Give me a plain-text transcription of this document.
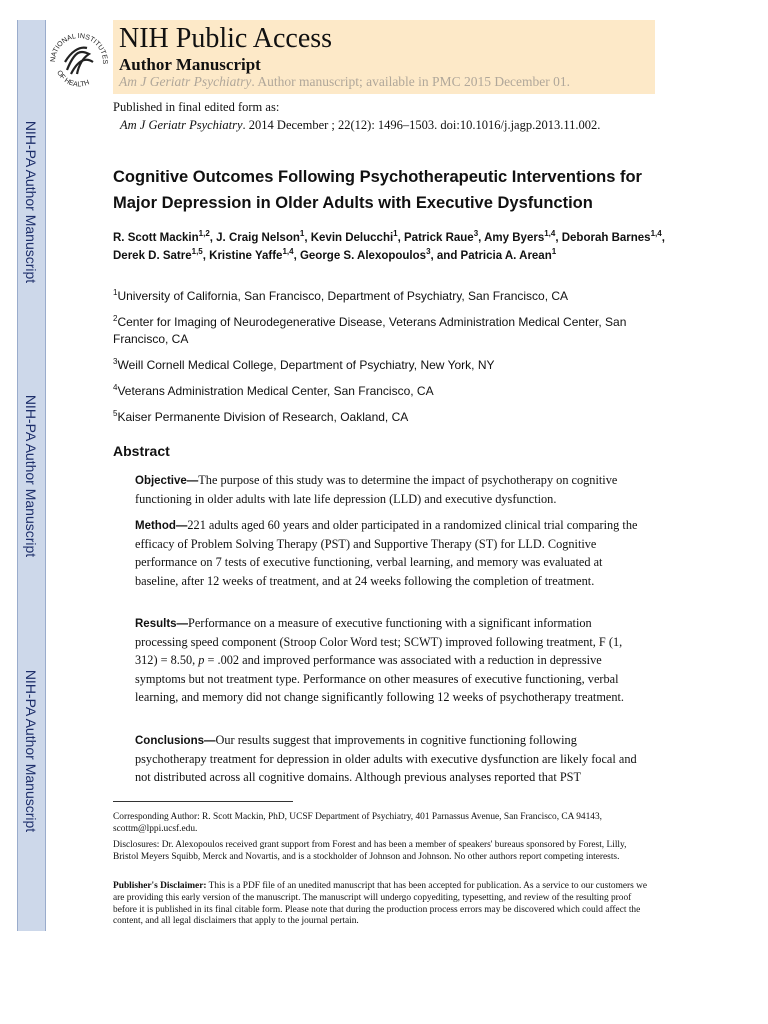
NIH-PA Author Manuscript
NIH-PA Author Manuscript
NIH-PA Author Manuscript
NATIONAL INSTITUTES
OF HEALTH
NIH Public Access
Author Manuscript
Am J Geriatr Psychiatry. Author manuscript; available in PMC 2015 December 01.
Published in final edited form as:
Am J Geriatr Psychiatry. 2014 December ; 22(12): 1496–1503. doi:10.1016/j.jagp.2013.11.002.
Cognitive Outcomes Following Psychotherapeutic Interventions for Major Depression in Older Adults with Executive Dysfunction
R. Scott Mackin$^{1,2}$, J. Craig Nelson$^1$, Kevin Delucchi$^1$, Patrick Raue$^3$, Amy Byers$^{1,4}$, Deborah Barnes$^{1,4}$, Derek D. Satre$^{1,5}$, Kristine Yaffe$^{1,4}$, George S. Alexopoulos$^3$, and Patricia A. Arean$^1$
$^1$University of California, San Francisco, Department of Psychiatry, San Francisco, CA
$^2$Center for Imaging of Neurodegenerative Disease, Veterans Administration Medical Center, San Francisco, CA
$^3$Weill Cornell Medical College, Department of Psychiatry, New York, NY
$^4$Veterans Administration Medical Center, San Francisco, CA
$^5$Kaiser Permanente Division of Research, Oakland, CA
Abstract
Objective—The purpose of this study was to determine the impact of psychotherapy on cognitive functioning in older adults with late life depression (LLD) and executive dysfunction.
Method—221 adults aged 60 years and older participated in a randomized clinical trial comparing the efficacy of Problem Solving Therapy (PST) and Supportive Therapy (ST) for LLD. Cognitive performance on 7 tests of executive functioning, verbal learning, and memory was evaluated at baseline, after 12 weeks of treatment, and at 24 weeks following the completion of treatment.
Results—Performance on a measure of executive functioning with a significant information processing speed component (Stroop Color Word test; SCWT) improved following treatment, F (1, 312) = 8.50, p = .002 and improved performance was associated with a reduction in depressive symptoms but not treatment type. Performance on other measures of executive functioning, verbal learning, and memory did not change significantly following 12 weeks of psychotherapy treatment.
Conclusions—Our results suggest that improvements in cognitive functioning following psychotherapy treatment for depression in older adults with executive dysfunction are likely focal and not distributed across all cognitive domains. Although previous analyses reported that PST
Corresponding Author: R. Scott Mackin, PhD, UCSF Department of Psychiatry, 401 Parnassus Avenue, San Francisco, CA 94143, scottm@lppi.ucsf.edu.
Disclosures: Dr. Alexopoulos received grant support from Forest and has been a member of speakers' bureaus sponsored by Forest, Lilly, Bristol Meyers Squibb, Merck and Novartis, and is a stockholder of Johnson and Johnson. No other authors report competing interests.
Publisher's Disclaimer: This is a PDF file of an unedited manuscript that has been accepted for publication. As a service to our customers we are providing this early version of the manuscript. The manuscript will undergo copyediting, typesetting, and review of the resulting proof before it is published in its final citable form. Please note that during the production process errors may be discovered which could affect the content, and all legal disclaimers that apply to the journal pertain.
